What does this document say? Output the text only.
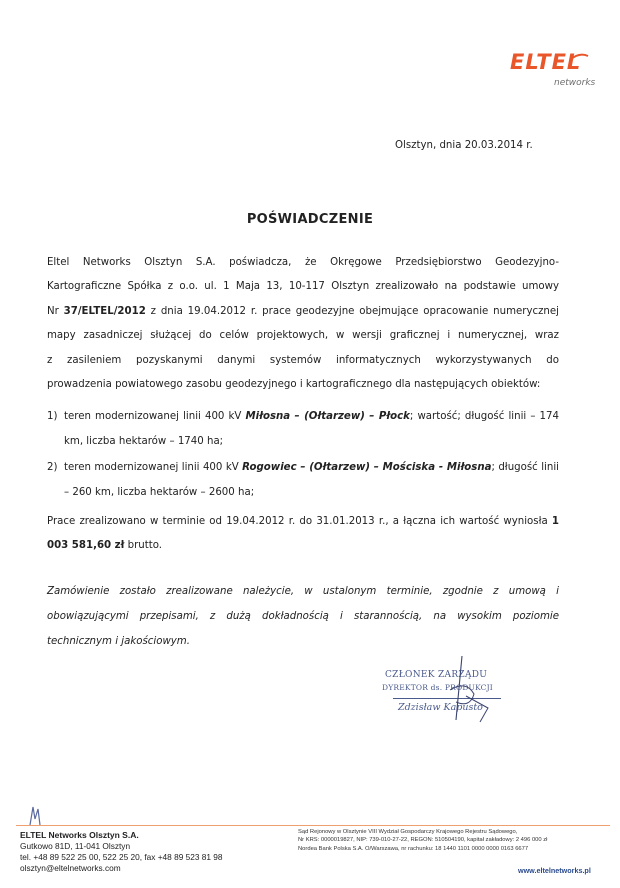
ELTEL
networks
Olsztyn, dnia 20.03.2014 r.
POŚWIADCZENIE
Eltel Networks Olsztyn S.A. poświadcza, że Okręgowe Przedsiębiorstwo Geodezyjno-
Kartograficzne Spółka z o.o. ul. 1 Maja 13, 10-117 Olsztyn zrealizowało na podstawie umowy
Nr 37/ELTEL/2012 z dnia 19.04.2012 r. prace geodezyjne obejmujące opracowanie numerycznej
mapy zasadniczej służącej do celów projektowych, w wersji graficznej i numerycznej, wraz
z zasileniem pozyskanymi danymi systemów informatycznych wykorzystywanych do
prowadzenia powiatowego zasobu geodezyjnego i kartograficznego dla następujących obiektów:
1) teren modernizowanej linii 400 kV Miłosna – (Ołtarzew) – Płock; wartość; długość linii – 174 km, liczba hektarów – 1740 ha;
2) teren modernizowanej linii 400 kV Rogowiec – (Ołtarzew) – Mościska - Miłosna; długość linii – 260 km, liczba hektarów – 2600 ha;
Prace zrealizowano w terminie od 19.04.2012 r. do 31.01.2013 r., a łączna ich wartość wyniosła 1 003 581,60 zł brutto.
Zamówienie zostało zrealizowane należycie, w ustalonym terminie, zgodnie z umową i
obowiązującymi przepisami, z dużą dokładnością i starannością, na wysokim poziomie
technicznym i jakościowym.
CZŁONEK ZARZĄDU
DYREKTOR ds. PRODUKCJI
Zdzisław Kapusto
ELTEL Networks Olsztyn S.A.
Gutkowo 81D, 11-041 Olsztyn
tel. +48 89 522 25 00, 522 25 20, fax +48 89 523 81 98
olsztyn@eltelnetworks.com
Sąd Rejonowy w Olsztynie VIII Wydział Gospodarczy Krajowego Rejestru Sądowego,
Nr KRS: 0000019827, NIP: 739-010-27-22, REGON: 510504190, kapitał zakładowy: 2 496 000 zł
Nordea Bank Polska S.A. O/Warszawa, nr rachunku: 18 1440 1101 0000 0000 0163 6677
www.eltelnetworks.pl
